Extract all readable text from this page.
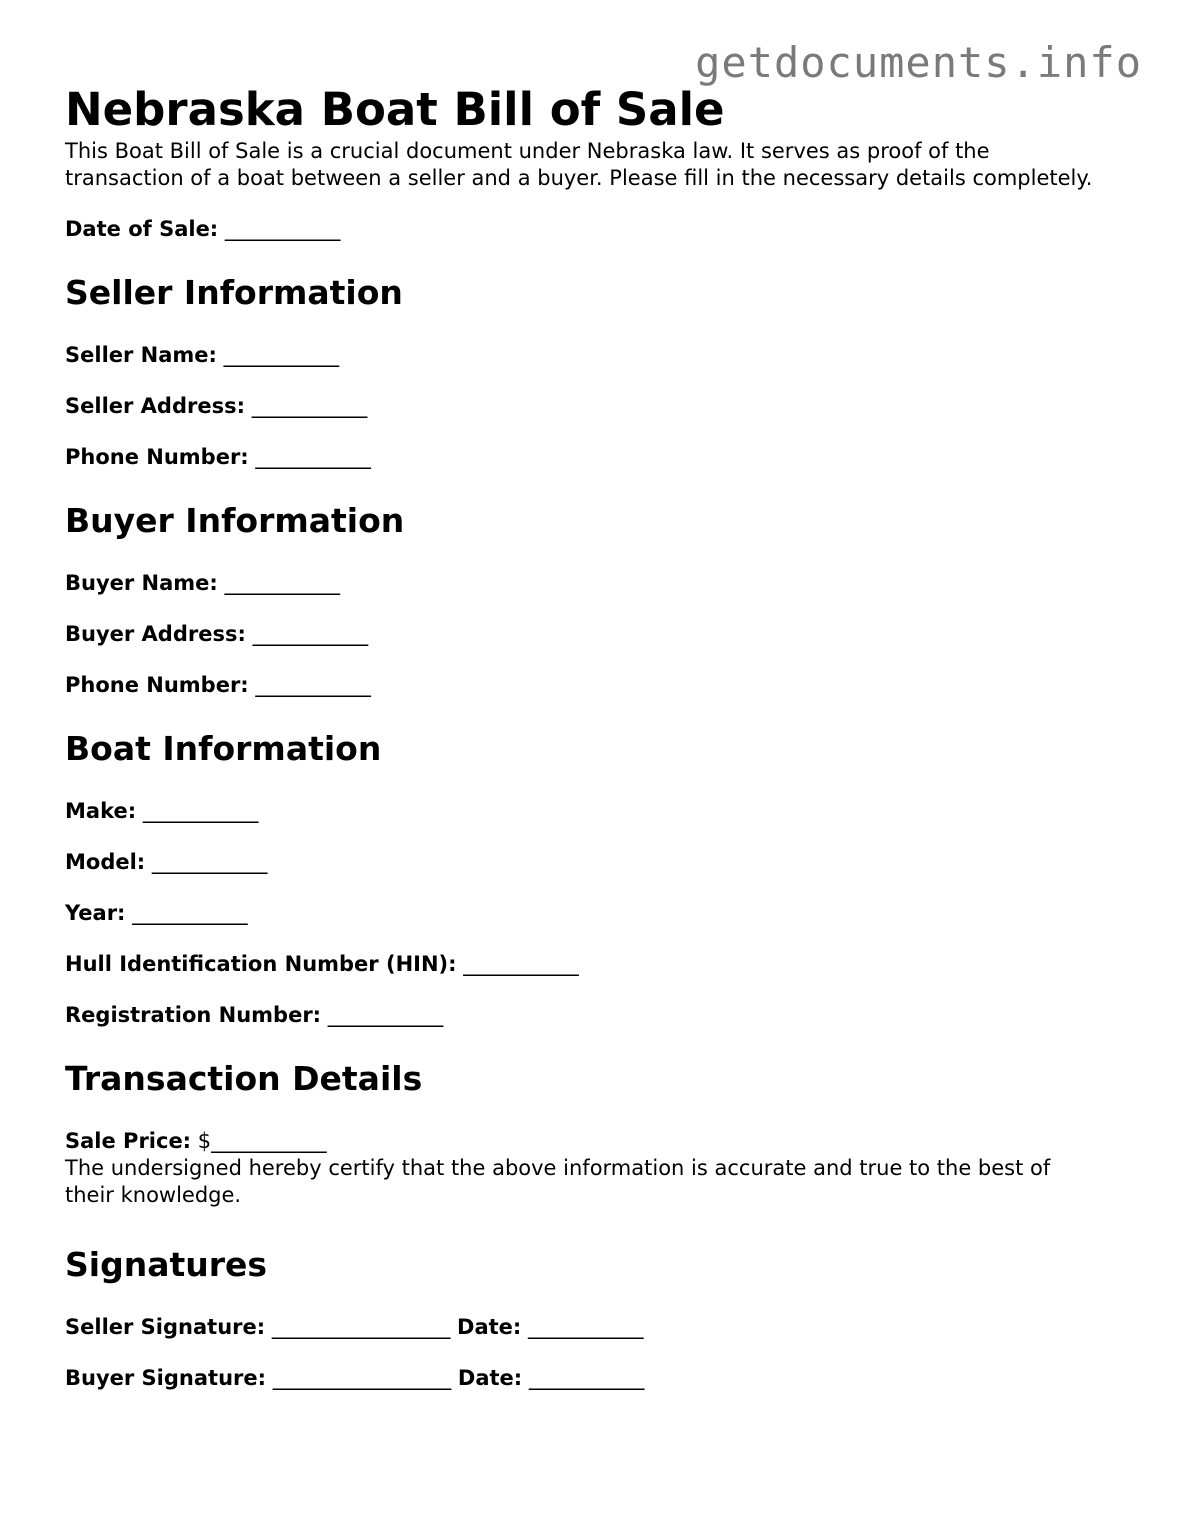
getdocuments.info
Nebraska Boat Bill of Sale

This Boat Bill of Sale is a crucial document under Nebraska law. It serves as proof of the transaction of a boat between a seller and a buyer. Please fill in the necessary details completely.

Date of Sale: ___________

Seller Information

Seller Name: ___________

Seller Address: ___________

Phone Number: ___________

Buyer Information

Buyer Name: ___________

Buyer Address: ___________

Phone Number: ___________

Boat Information

Make: ___________

Model: ___________

Year: ___________

Hull Identification Number (HIN): ___________

Registration Number: ___________

Transaction Details

Sale Price: $___________

The undersigned hereby certify that the above information is accurate and true to the best of their knowledge.

Signatures

Seller Signature: _________________ Date: ___________

Buyer Signature: _________________ Date: ___________
